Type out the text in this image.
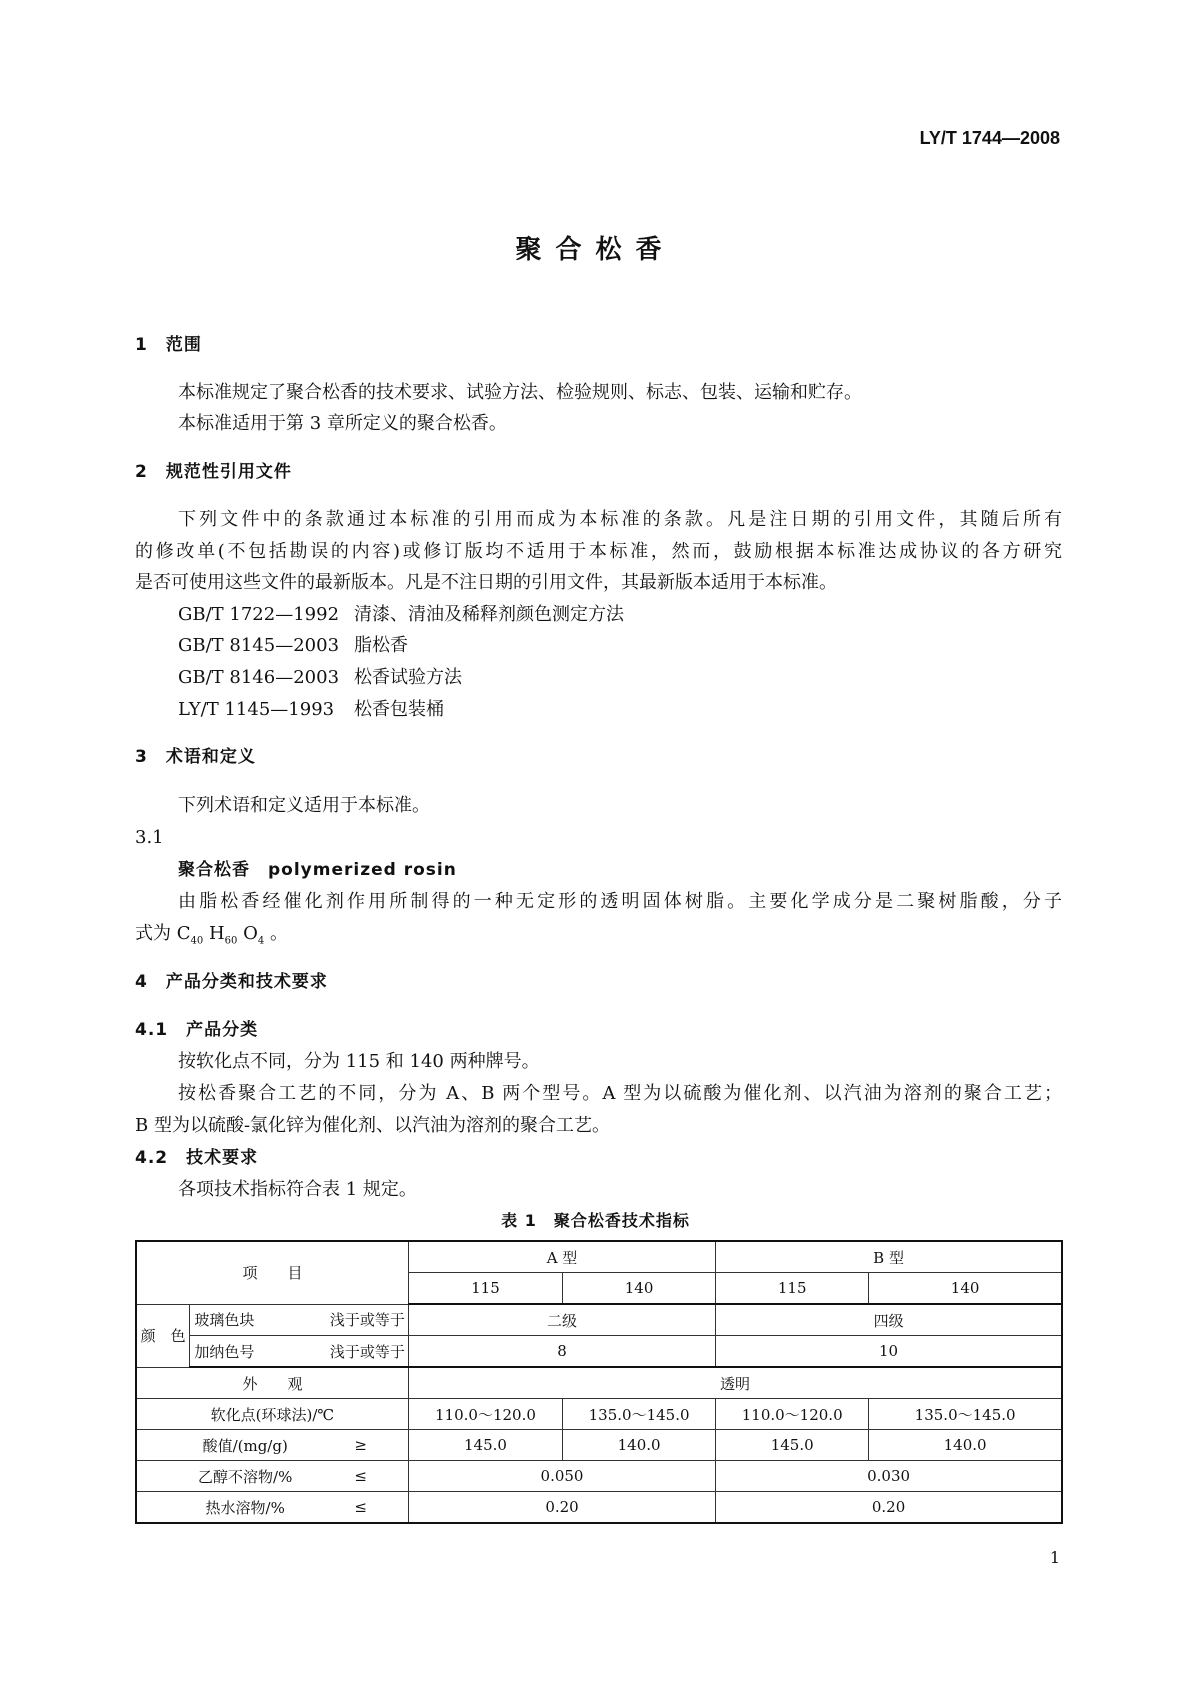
LY/T 1744—2008
聚合松香
1　范围
本标准规定了聚合松香的技术要求、试验方法、检验规则、标志、包装、运输和贮存。
本标准适用于第 3 章所定义的聚合松香。
2　规范性引用文件
下列文件中的条款通过本标准的引用而成为本标准的条款。凡是注日期的引用文件，其随后所有
的修改单(不包括勘误的内容)或修订版均不适用于本标准，然而，鼓励根据本标准达成协议的各方研究
是否可使用这些文件的最新版本。凡是不注日期的引用文件，其最新版本适用于本标准。
GB/T 1722—1992 清漆、清油及稀释剂颜色测定方法
GB/T 8145—2003 脂松香
GB/T 8146—2003 松香试验方法
LY/T 1145—1993 松香包装桶
3　术语和定义
下列术语和定义适用于本标准。
3.1
聚合松香　polymerized rosin
由脂松香经催化剂作用所制得的一种无定形的透明固体树脂。主要化学成分是二聚树脂酸，分子
式为 $C_{40}$ $H_{60}$ $O_4$ 。
4　产品分类和技术要求
4.1　产品分类
按软化点不同，分为 115 和 140 两种牌号。
按松香聚合工艺的不同，分为 A、B 两个型号。A 型为以硫酸为催化剂、以汽油为溶剂的聚合工艺；
B 型为以硫酸-氯化锌为催化剂、以汽油为溶剂的聚合工艺。
4.2　技术要求
各项技术指标符合表 1 规定。
表 1　聚合松香技术指标
项　　目			A 型		B 型	
			115	140	115	140
颜　色	玻璃色块	浅于或等于	二级		四级	
	加纳色号	浅于或等于	8		10	
外　　观			透明			
软化点(环球法)/℃			110.0～120.0	135.0～145.0	110.0～120.0	135.0～145.0
酸值/(mg/g)		≥	145.0	140.0	145.0	140.0
乙醇不溶物/%		≤	0.050		0.030	
热水溶物/%		≤	0.20		0.20	
1
